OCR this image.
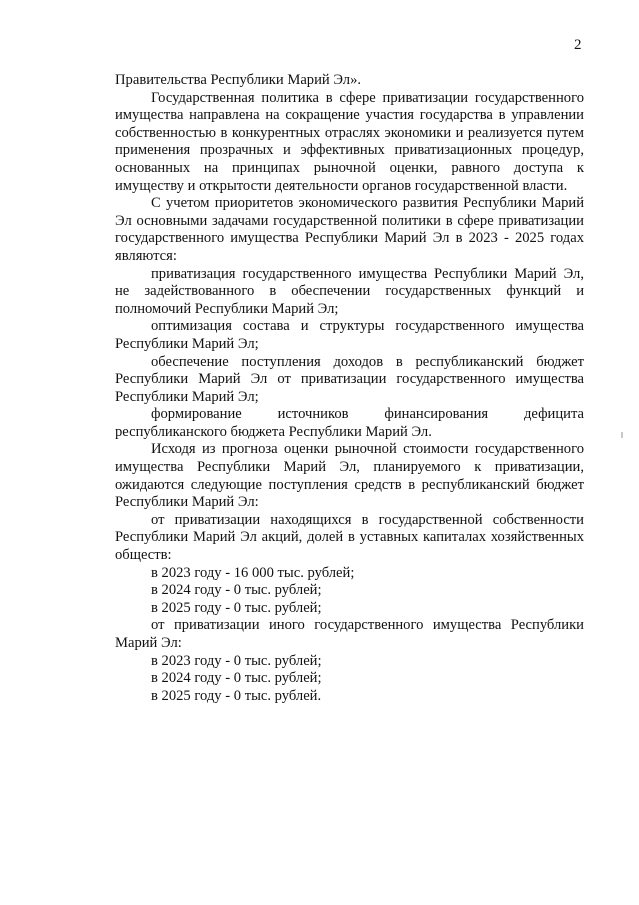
2

Правительства Республики Марий Эл».

Государственная политика в сфере приватизации государственного имущества направлена на сокращение участия государства в управлении собственностью в конкурентных отраслях экономики и реализуется путем применения прозрачных и эффективных приватизационных процедур, основанных на принципах рыночной оценки, равного доступа к имуществу и открытости деятельности органов государственной власти.

С учетом приоритетов экономического развития Республики Марий Эл основными задачами государственной политики в сфере приватизации государственного имущества Республики Марий Эл в 2023 - 2025 годах являются:

приватизация государственного имущества Республики Марий Эл, не задействованного в обеспечении государственных функций и полномочий Республики Марий Эл;

оптимизация состава и структуры государственного имущества Республики Марий Эл;

обеспечение поступления доходов в республиканский бюджет Республики Марий Эл от приватизации государственного имущества Республики Марий Эл;

формирование источников финансирования дефицита республиканского бюджета Республики Марий Эл.

Исходя из прогноза оценки рыночной стоимости государственного имущества Республики Марий Эл, планируемого к приватизации, ожидаются следующие поступления средств в республиканский бюджет Республики Марий Эл:

от приватизации находящихся в государственной собственности Республики Марий Эл акций, долей в уставных капиталах хозяйственных обществ:

в 2023 году - 16 000 тыс. рублей;

в 2024 году - 0 тыс. рублей;

в 2025 году - 0 тыс. рублей;

от приватизации иного государственного имущества Республики Марий Эл:

в 2023 году - 0 тыс. рублей;

в 2024 году - 0 тыс. рублей;

в 2025 году - 0 тыс. рублей.
